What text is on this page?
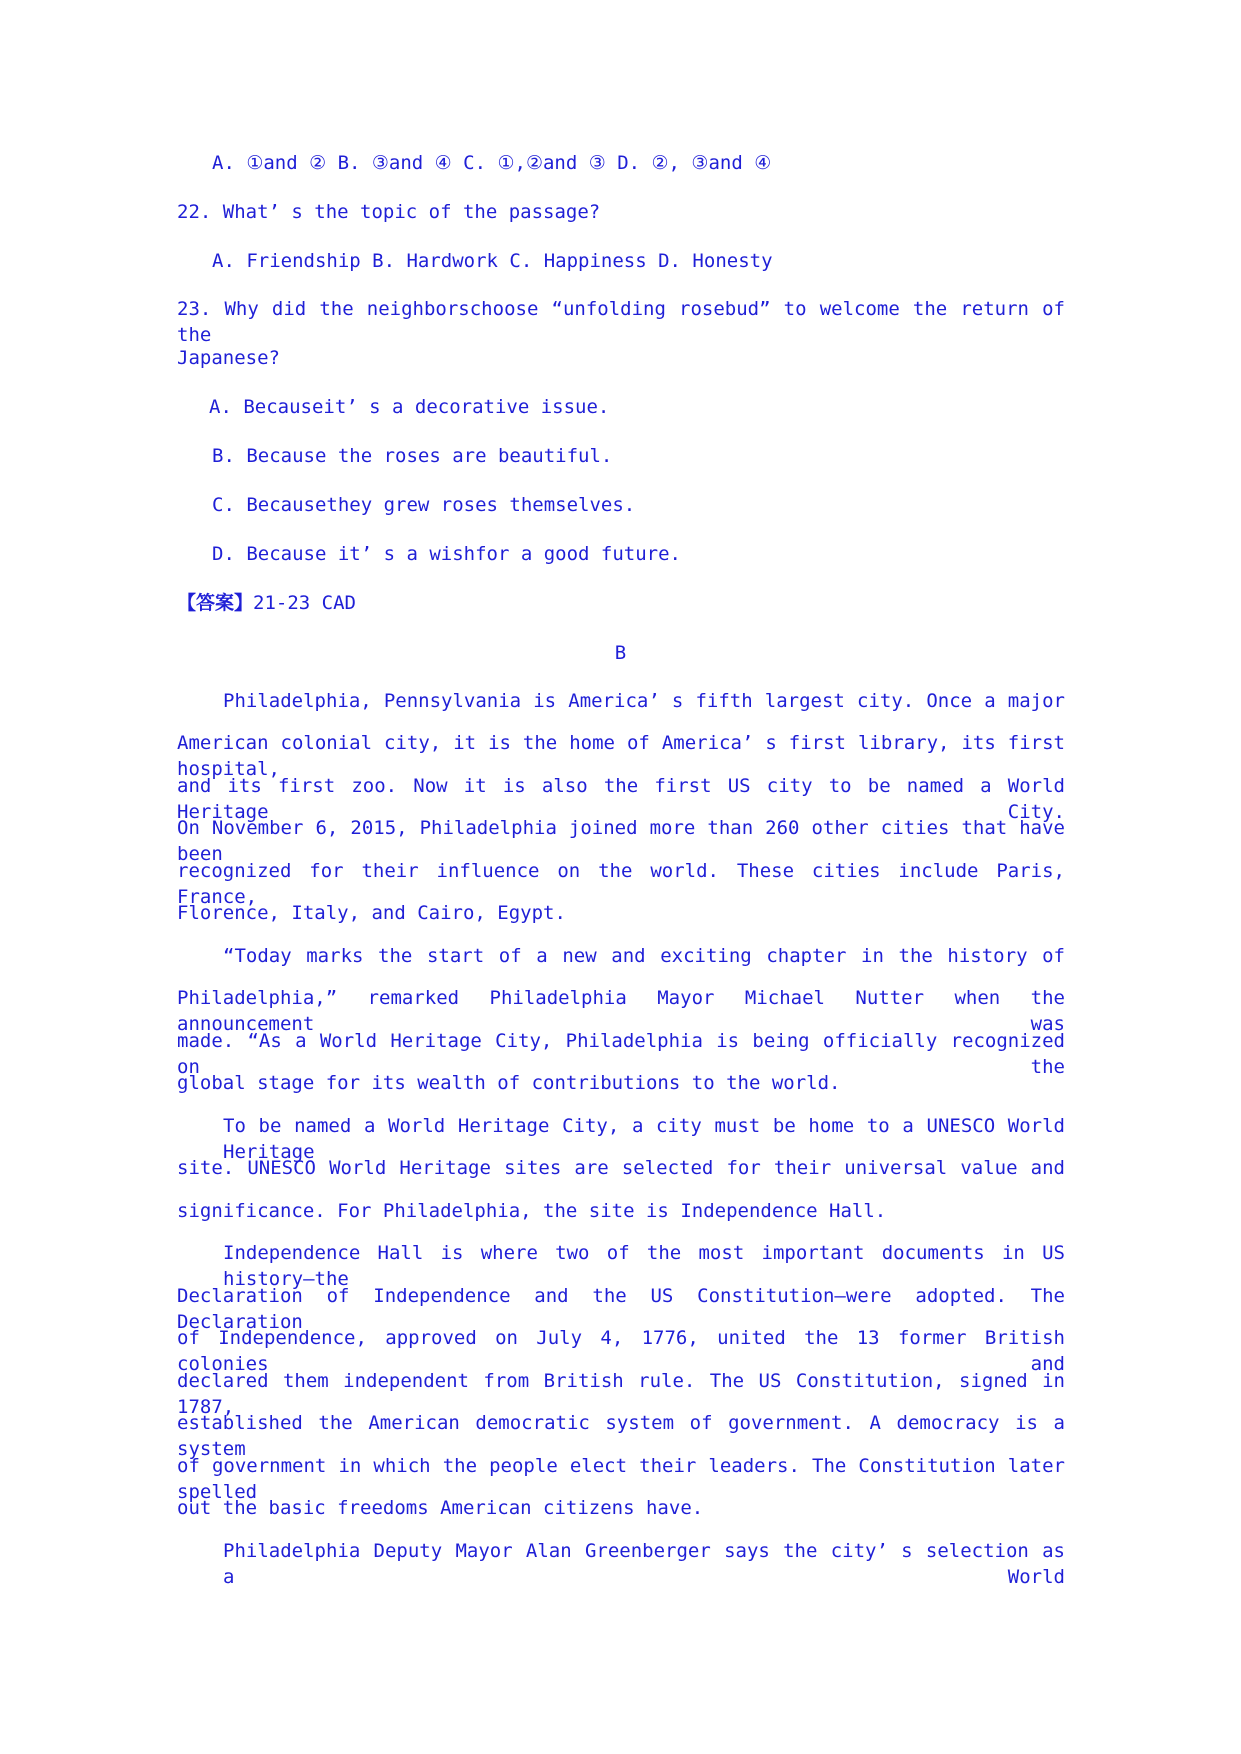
A. ①and ② B. ③and ④ C. ①,②and ③ D. ②, ③and ④
22. What’ s the topic of the passage?
A. Friendship B. Hardwork C. Happiness D. Honesty
23. Why did the neighborschoose “unfolding rosebud” to welcome the return of the
Japanese?
A. Becauseit’ s a decorative issue.
B. Because the roses are beautiful.
C. Becausethey grew roses themselves.
D. Because it’ s a wishfor a good future.
【答案】21-23 CAD
B
Philadelphia, Pennsylvania is America’ s fifth largest city. Once a major
American colonial city, it is the home of America’ s first library, its first hospital,
and its first zoo. Now it is also the first US city to be named a World Heritage City.
On November 6, 2015, Philadelphia joined more than 260 other cities that have been
recognized for their influence on the world. These cities include Paris, France,
Florence, Italy, and Cairo, Egypt.
“Today marks the start of a new and exciting chapter in the history of
Philadelphia,” remarked Philadelphia Mayor Michael Nutter when the announcement was
made. “As a World Heritage City, Philadelphia is being officially recognized on the
global stage for its wealth of contributions to the world.
To be named a World Heritage City, a city must be home to a UNESCO World Heritage
site. UNESCO World Heritage sites are selected for their universal value and
significance. For Philadelphia, the site is Independence Hall.
Independence Hall is where two of the most important documents in US history—the
Declaration of Independence and the US Constitution—were adopted. The Declaration
of Independence, approved on July 4, 1776, united the 13 former British colonies and
declared them independent from British rule. The US Constitution, signed in 1787,
established the American democratic system of government. A democracy is a system
of government in which the people elect their leaders. The Constitution later spelled
out the basic freedoms American citizens have.
Philadelphia Deputy Mayor Alan Greenberger says the city’ s selection as a World
